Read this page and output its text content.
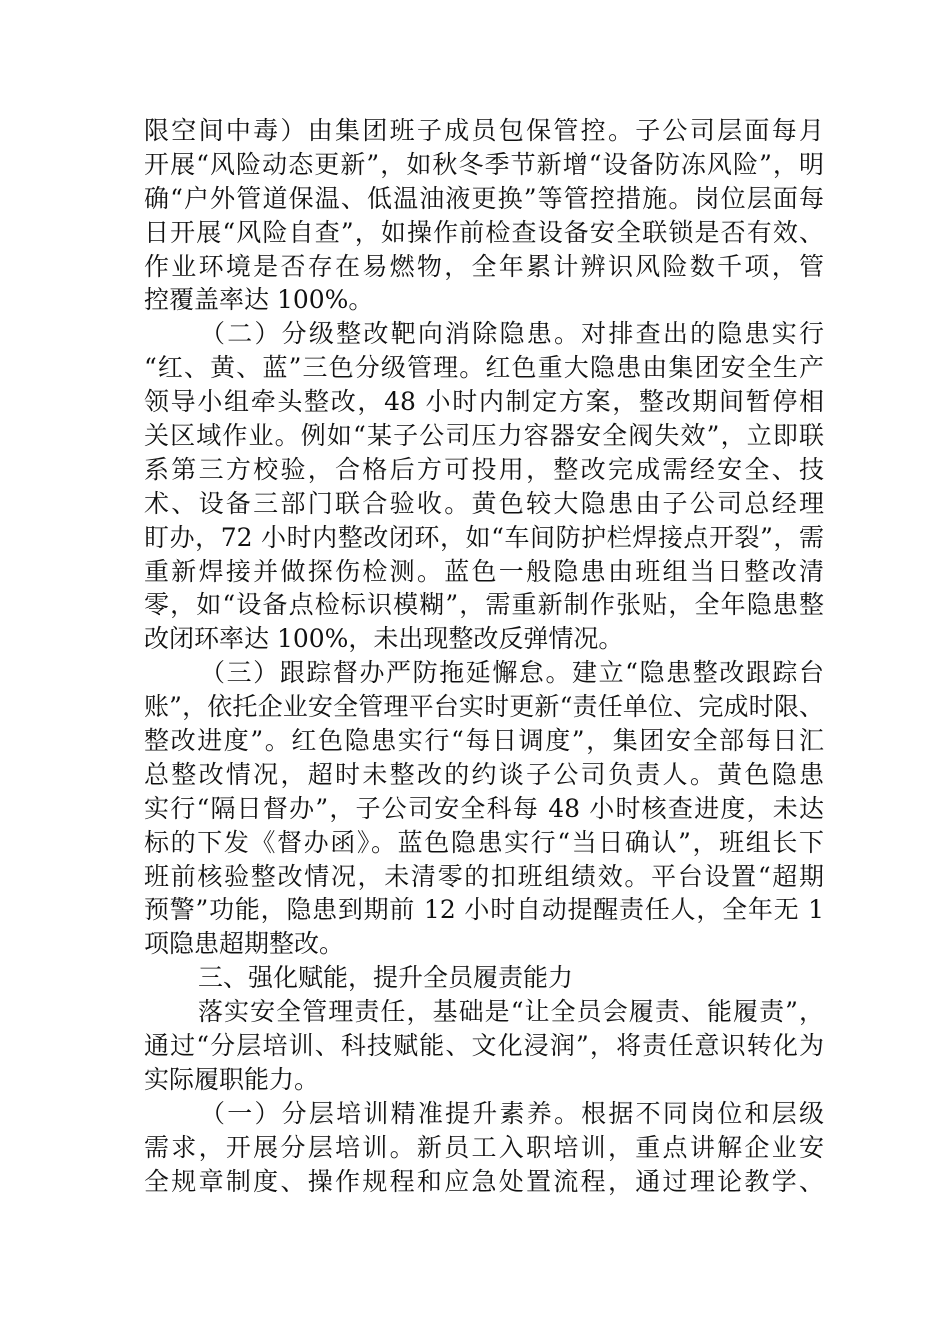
限空间中毒）由集团班子成员包保管控。子公司层面每月
开展“风险动态更新”，如秋冬季节新增“设备防冻风险”，明
确“户外管道保温、低温油液更换”等管控措施。岗位层面每
日开展“风险自查”，如操作前检查设备安全联锁是否有效、
作业环境是否存在易燃物，全年累计辨识风险数千项，管
控覆盖率达 100%。
（二）分级整改靶向消除隐患。对排查出的隐患实行
“红、黄、蓝”三色分级管理。红色重大隐患由集团安全生产
领导小组牵头整改，48 小时内制定方案，整改期间暂停相
关区域作业。例如“某子公司压力容器安全阀失效”，立即联
系第三方校验，合格后方可投用，整改完成需经安全、技
术、设备三部门联合验收。黄色较大隐患由子公司总经理
盯办，72 小时内整改闭环，如“车间防护栏焊接点开裂”，需
重新焊接并做探伤检测。蓝色一般隐患由班组当日整改清
零，如“设备点检标识模糊”，需重新制作张贴，全年隐患整
改闭环率达 100%，未出现整改反弹情况。
（三）跟踪督办严防拖延懈怠。建立“隐患整改跟踪台
账”，依托企业安全管理平台实时更新“责任单位、完成时限、
整改进度”。红色隐患实行“每日调度”，集团安全部每日汇
总整改情况，超时未整改的约谈子公司负责人。黄色隐患
实行“隔日督办”，子公司安全科每 48 小时核查进度，未达
标的下发《督办函》。蓝色隐患实行“当日确认”，班组长下
班前核验整改情况，未清零的扣班组绩效。平台设置“超期
预警”功能，隐患到期前 12 小时自动提醒责任人，全年无 1
项隐患超期整改。
三、强化赋能，提升全员履责能力
落实安全管理责任，基础是“让全员会履责、能履责”，
通过“分层培训、科技赋能、文化浸润”，将责任意识转化为
实际履职能力。
（一）分层培训精准提升素养。根据不同岗位和层级
需求，开展分层培训。新员工入职培训，重点讲解企业安
全规章制度、操作规程和应急处置流程，通过理论教学、
